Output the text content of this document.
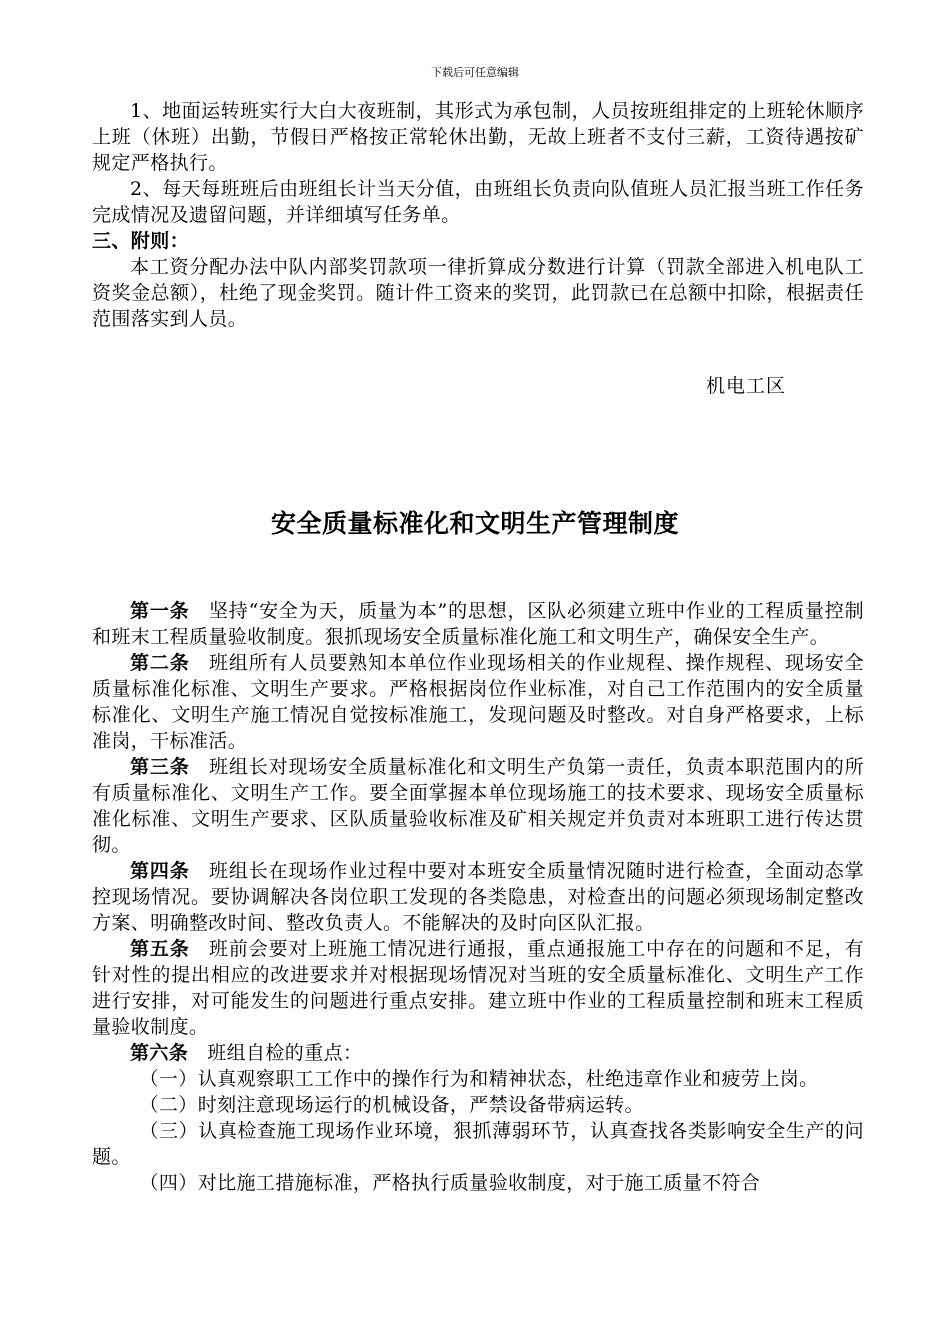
下载后可任意编辑

1、地面运转班实行大白大夜班制，其形式为承包制，人员按班组排定的上班轮休顺序上班（休班）出勤，节假日严格按正常轮休出勤，无故上班者不支付三薪，工资待遇按矿规定严格执行。

2、每天每班班后由班组长计当天分值，由班组长负责向队值班人员汇报当班工作任务完成情况及遗留问题，并详细填写任务单。

三、附则：

本工资分配办法中队内部奖罚款项一律折算成分数进行计算（罚款全部进入机电队工资奖金总额），杜绝了现金奖罚。随计件工资来的奖罚，此罚款已在总额中扣除，根据责任范围落实到人员。

机电工区
安全质量标准化和文明生产管理制度

第一条 坚持“安全为天，质量为本”的思想，区队必须建立班中作业的工程质量控制和班末工程质量验收制度。狠抓现场安全质量标准化施工和文明生产，确保安全生产。

第二条 班组所有人员要熟知本单位作业现场相关的作业规程、操作规程、现场安全质量标准化标准、文明生产要求。严格根据岗位作业标准，对自己工作范围内的安全质量标准化、文明生产施工情况自觉按标准施工，发现问题及时整改。对自身严格要求，上标准岗，干标准活。

第三条 班组长对现场安全质量标准化和文明生产负第一责任，负责本职范围内的所有质量标准化、文明生产工作。要全面掌握本单位现场施工的技术要求、现场安全质量标准化标准、文明生产要求、区队质量验收标准及矿相关规定并负责对本班职工进行传达贯彻。

第四条 班组长在现场作业过程中要对本班安全质量情况随时进行检查，全面动态掌控现场情况。要协调解决各岗位职工发现的各类隐患，对检查出的问题必须现场制定整改方案、明确整改时间、整改负责人。不能解决的及时向区队汇报。

第五条 班前会要对上班施工情况进行通报，重点通报施工中存在的问题和不足，有针对性的提出相应的改进要求并对根据现场情况对当班的安全质量标准化、文明生产工作进行安排，对可能发生的问题进行重点安排。建立班中作业的工程质量控制和班末工程质量验收制度。

第六条 班组自检的重点：

（一）认真观察职工工作中的操作行为和精神状态，杜绝违章作业和疲劳上岗。

（二）时刻注意现场运行的机械设备，严禁设备带病运转。

（三）认真检查施工现场作业环境，狠抓薄弱环节，认真查找各类影响安全生产的问题。

（四）对比施工措施标准，严格执行质量验收制度，对于施工质量不符合
